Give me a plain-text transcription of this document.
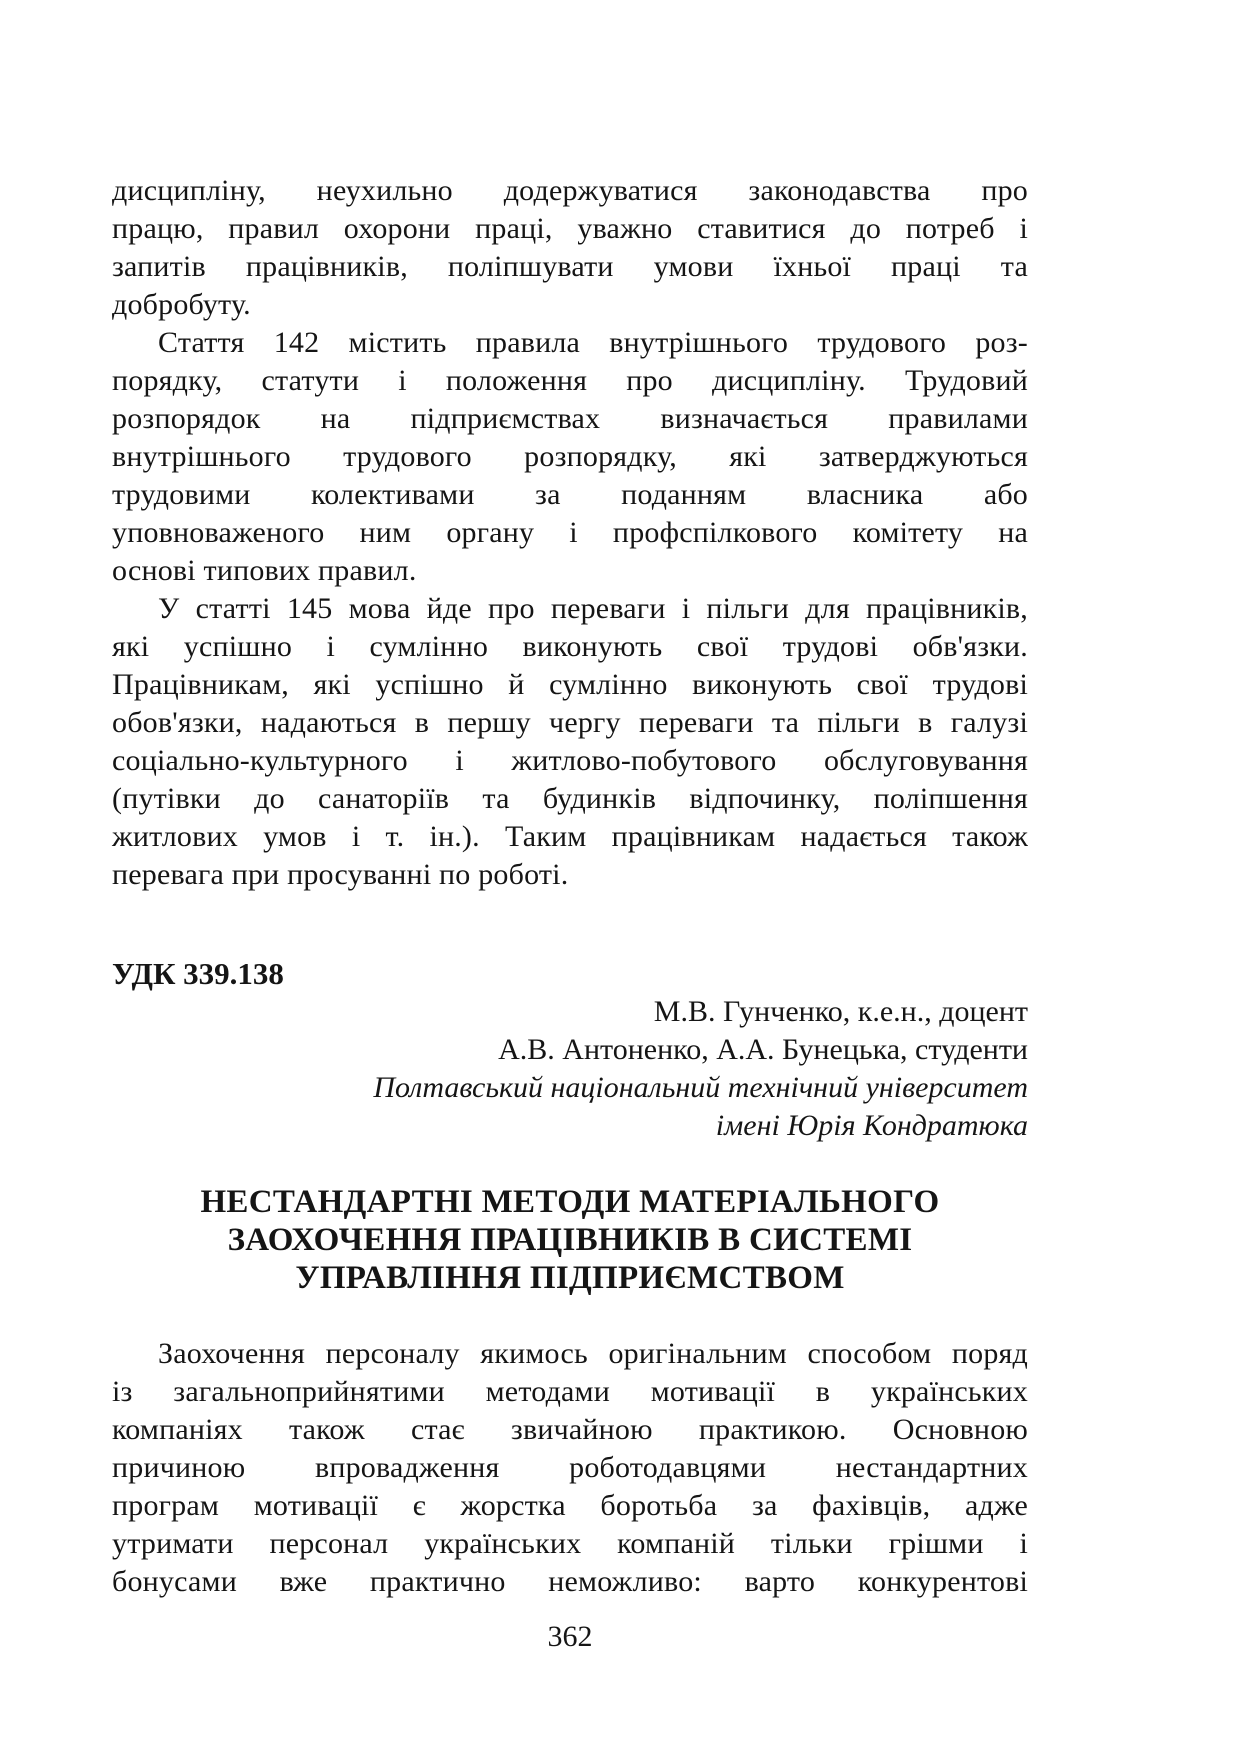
дисципліну, неухильно додержуватися законодавства про
працю, правил охорони праці, уважно ставитися до потреб і
запитів працівників, поліпшувати умови їхньої праці та
добробуту.
Стаття 142 містить правила внутрішнього трудового роз-
порядку, статути і положення про дисципліну. Трудовий
розпорядок на підприємствах визначається правилами
внутрішнього трудового розпорядку, які затверджуються
трудовими колективами за поданням власника або
уповноваженого ним органу і профспілкового комітету на
основі типових правил.
У статті 145 мова йде про переваги і пільги для працівників,
які успішно і сумлінно виконують свої трудові обв'язки.
Працівникам, які успішно й сумлінно виконують свої трудові
обов'язки, надаються в першу чергу переваги та пільги в галузі
соціально-культурного і житлово-побутового обслуговування
(путівки до санаторіїв та будинків відпочинку, поліпшення
житлових умов і т. ін.). Таким працівникам надається також
перевага при просуванні по роботі.
УДК 339.138
М.В. Гунченко, к.е.н., доцент
А.В. Антоненко, А.А. Бунецька, студенти
Полтавський національний технічний університет
імені Юрія Кондратюка
НЕСТАНДАРТНІ МЕТОДИ МАТЕРІАЛЬНОГО
ЗАОХОЧЕННЯ ПРАЦІВНИКІВ В СИСТЕМІ
УПРАВЛІННЯ ПІДПРИЄМСТВОМ
Заохочення персоналу якимось оригінальним способом поряд
із загальноприйнятими методами мотивації в українських
компаніях також стає звичайною практикою. Основною
причиною впровадження роботодавцями нестандартних
програм мотивації є жорстка боротьба за фахівців, адже
утримати персонал українських компаній тільки грішми і
бонусами вже практично неможливо: варто конкурентові
362
